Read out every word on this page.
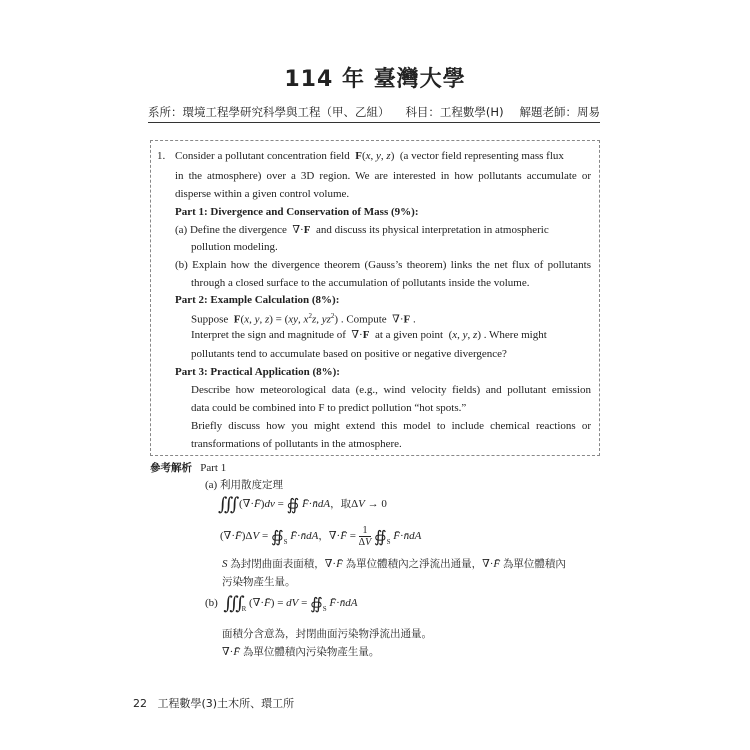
114 年 臺灣大學
系所：環境工程學研究科學與工程（甲、乙組） 科目：工程數學(H) 解題老師：周易
1. Consider a pollutant concentration field F(x, y, z)  (a vector field representing mass flux
in the atmosphere) over a 3D region. We are interested in how pollutants accumulate or
disperse within a given control volume.
Part 1: Divergence and Conservation of Mass (9%):
(a) Define the divergence  ∇·F and discuss its physical interpretation in atmospheric
pollution modeling.
(b) Explain how the divergence theorem (Gauss’s theorem) links the net flux of pollutants
through a closed surface to the accumulation of pollutants inside the volume.
Part 2: Example Calculation (8%):
Suppose F(x, y, z) = (xy, $x^2z$, $yz^2$) . Compute  ∇·F .
Interpret the sign and magnitude of  ∇·F at a given point  (x, y, z) . Where might
pollutants tend to accumulate based on positive or negative divergence?
Part 3: Practical Application (8%):
Describe how meteorological data (e.g., wind velocity fields) and pollutant emission
data could be combined into F to predict pollution “hot spots.”
Briefly discuss how you might extend this model to include chemical reactions or
transformations of pollutants in the atmosphere.
參考解析 Part 1
(a) 利用散度定理
∭ (∇·F̄)dv = ∯ F̄·n̄dA，取ΔV → 0
(∇·F̄)ΔV = $∯_S$ F̄·n̄dA，∇·F̄ = $\frac{1}{\Delta V}$ $∯_S$ F̄·n̄dA
S 為封閉曲面表面積，∇·F̄ 為單位體積內之淨流出通量，∇·F̄ 為單位體積內
污染物產生量。
(b) $∭_R$ (∇·F̄) = dV = $∯_S$ F̄·n̄dA
面積分含意為，封閉曲面污染物淨流出通量。
∇·F̄ 為單位體積內污染物產生量。
22 工程數學(3)土木所、環工所
